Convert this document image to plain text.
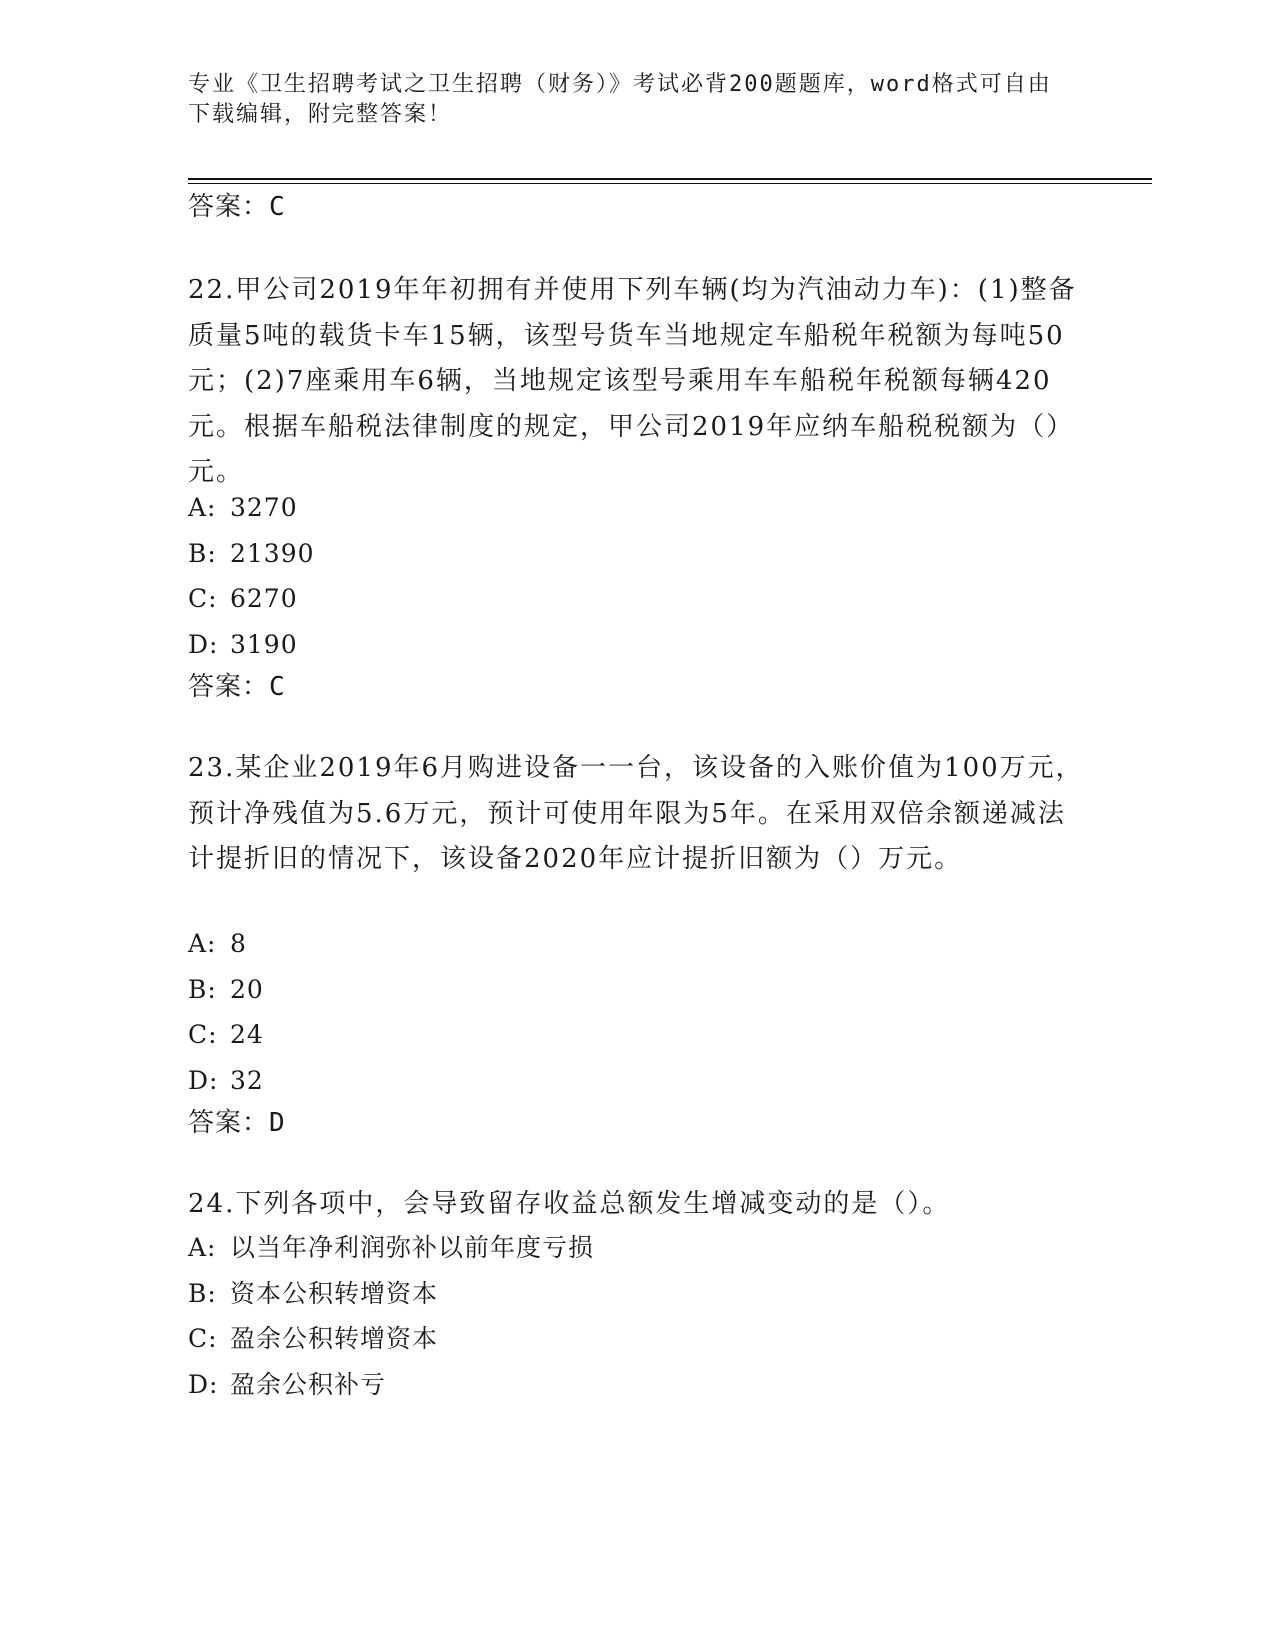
专业《卫生招聘考试之卫生招聘（财务）》考试必背200题题库，word格式可自由下载编辑，附完整答案！
答案：C
22.甲公司2019年年初拥有并使用下列车辆(均为汽油动力车)：(1)整备质量5吨的载货卡车15辆，该型号货车当地规定车船税年税额为每吨50元；(2)7座乘用车6辆，当地规定该型号乘用车车船税年税额每辆420元。根据车船税法律制度的规定，甲公司2019年应纳车船税税额为（）元。
A: 3270
B: 21390
C: 6270
D: 3190
答案：C
23.某企业2019年6月购进设备一一台，该设备的入账价值为100万元，预计净残值为5.6万元，预计可使用年限为5年。在采用双倍余额递减法计提折旧的情况下，该设备2020年应计提折旧额为（）万元。
A: 8
B: 20
C: 24
D: 32
答案：D
24.下列各项中，会导致留存收益总额发生增减变动的是（）。
A: 以当年净利润弥补以前年度亏损
B: 资本公积转增资本
C: 盈余公积转增资本
D: 盈余公积补亏
